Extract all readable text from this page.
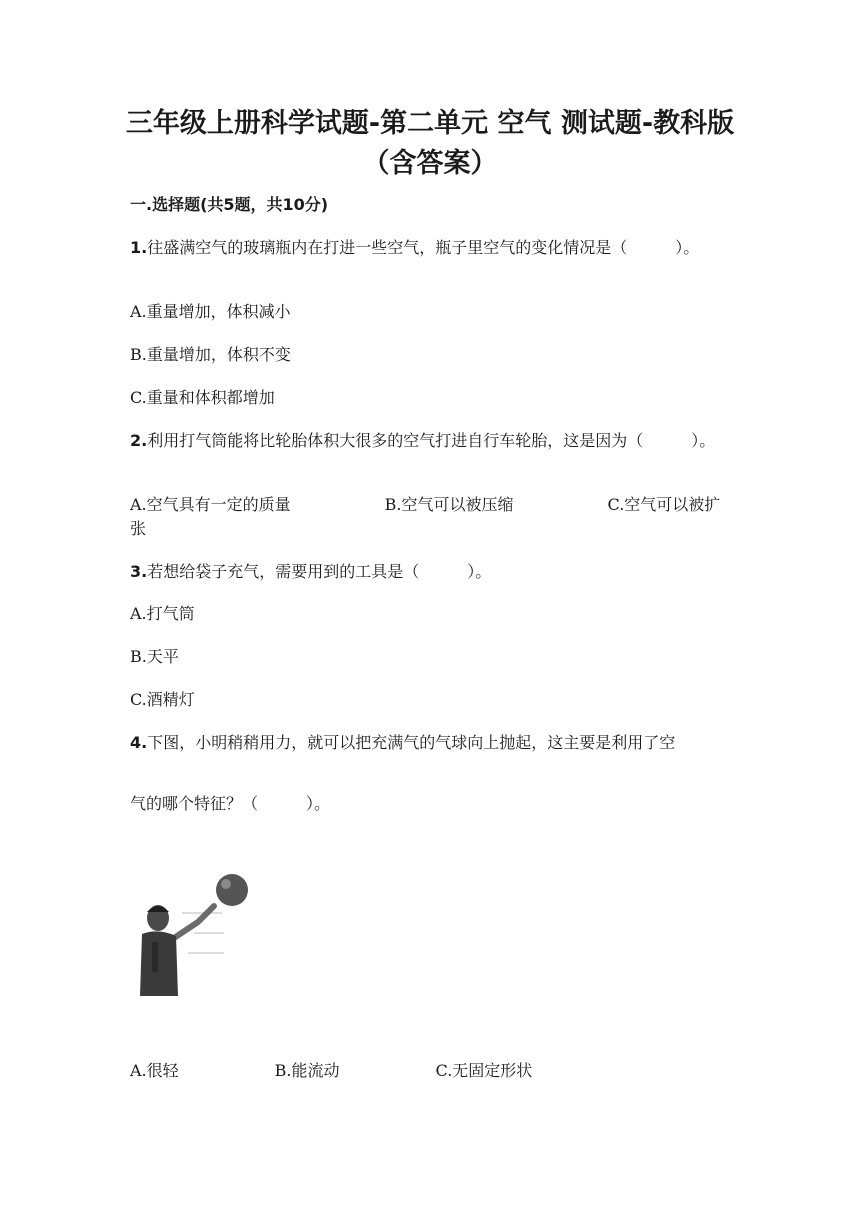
三年级上册科学试题-第二单元 空气 测试题-教科版（含答案）
一.选择题(共5题，共10分)
1.往盛满空气的玻璃瓶内在打进一些空气，瓶子里空气的变化情况是（　　　）。
A.重量增加，体积减小
B.重量增加，体积不变
C.重量和体积都增加
2.利用打气筒能将比轮胎体积大很多的空气打进自行车轮胎，这是因为（　　　）。
A.空气具有一定的质量	B.空气可以被压缩	C.空气可以被扩张
3.若想给袋子充气，需要用到的工具是（　　　）。
A.打气筒
B.天平
C.酒精灯
4.下图，小明稍稍用力，就可以把充满气的气球向上抛起，这主要是利用了空
气的哪个特征？（　　　）。
A.很轻	B.能流动	C.无固定形状
